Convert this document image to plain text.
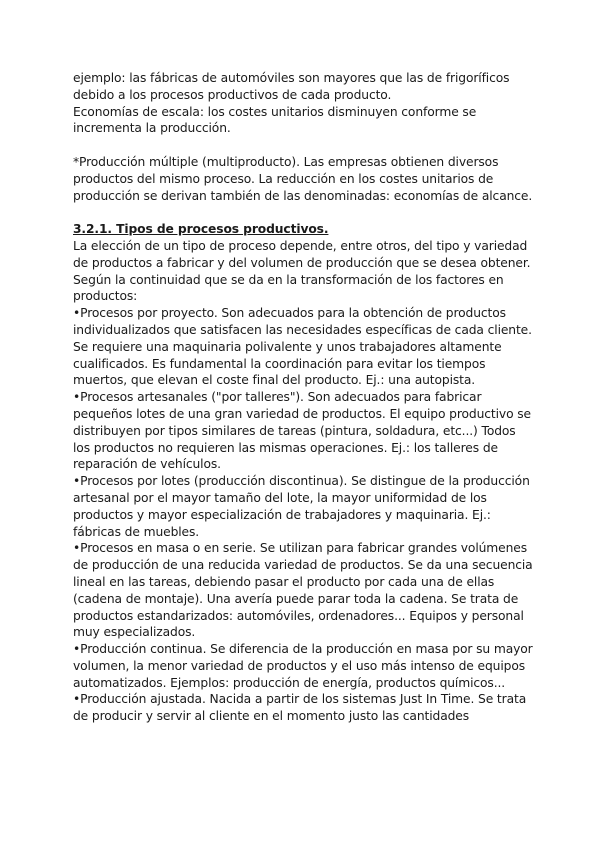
ejemplo: las fábricas de automóviles son mayores que las de frigoríficos debido a los procesos productivos de cada producto.

Economías de escala: los costes unitarios disminuyen conforme se incrementa la producción.

*Producción múltiple (multiproducto). Las empresas obtienen diversos productos del mismo proceso. La reducción en los costes unitarios de producción se derivan también de las denominadas: economías de alcance.

3.2.1. Tipos de procesos productivos.

La elección de un tipo de proceso depende, entre otros, del tipo y variedad de productos a fabricar y del volumen de producción que se desea obtener. Según la continuidad que se da en la transformación de los factores en productos:

•Procesos por proyecto. Son adecuados para la obtención de productos individualizados que satisfacen las necesidades específicas de cada cliente. Se requiere una maquinaria polivalente y unos trabajadores altamente cualificados. Es fundamental la coordinación para evitar los tiempos muertos, que elevan el coste final del producto. Ej.: una autopista.

•Procesos artesanales ("por talleres"). Son adecuados para fabricar pequeños lotes de una gran variedad de productos. El equipo productivo se distribuyen por tipos similares de tareas (pintura, soldadura, etc...) Todos los productos no requieren las mismas operaciones. Ej.: los talleres de reparación de vehículos.

•Procesos por lotes (producción discontinua). Se distingue de la producción artesanal por el mayor tamaño del lote, la mayor uniformidad de los productos y mayor especialización de trabajadores y maquinaria. Ej.: fábricas de muebles.

•Procesos en masa o en serie. Se utilizan para fabricar grandes volúmenes de producción de una reducida variedad de productos. Se da una secuencia lineal en las tareas, debiendo pasar el producto por cada una de ellas (cadena de montaje). Una avería puede parar toda la cadena. Se trata de productos estandarizados: automóviles, ordenadores... Equipos y personal muy especializados.

•Producción continua. Se diferencia de la producción en masa por su mayor volumen, la menor variedad de productos y el uso más intenso de equipos automatizados. Ejemplos: producción de energía, productos químicos...

•Producción ajustada. Nacida a partir de los sistemas Just In Time. Se trata de producir y servir al cliente en el momento justo las cantidades
